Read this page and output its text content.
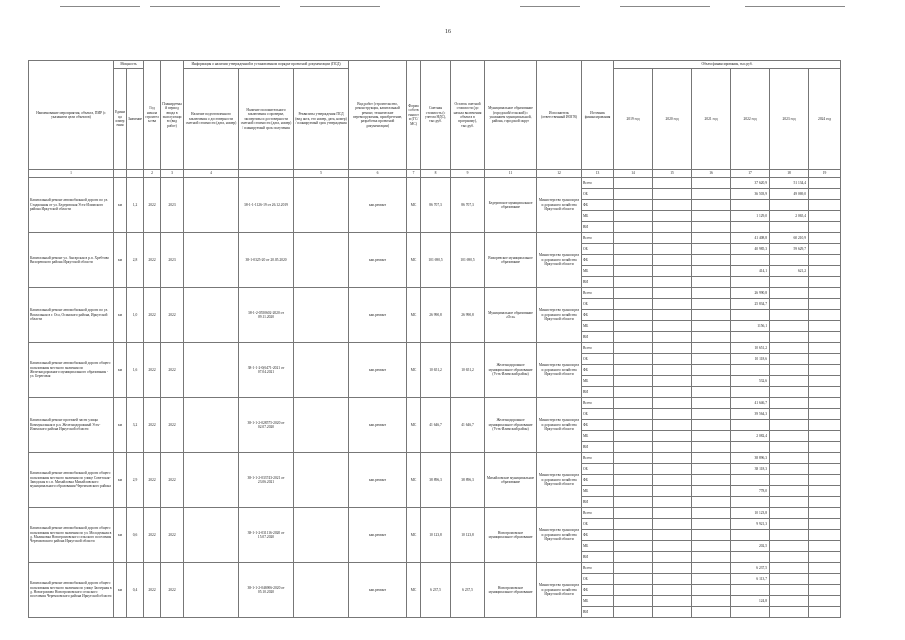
16
Наименование мероприятия, объекта, ПИР (с указанием цели объектов)	Мощность		Год начала строительства	Планируемый период ввода в эксплуатацию (вид работ)	Информация о наличии утвержденной в установленном порядке проектной документации (ПСД)			Вид работ (строительство, реконструкция, капитальный ремонт, технические перевооружения, приобретение, разработка проектной документации)	Форма собственности (ГС/МС)	Сметная стоимость (с учетом НДС), тыс.руб.	Остаток сметной стоимости (до начала включения объекта в программу), тыс.руб.	Муниципальное образование (городской/сельский) с указанием муниципальной, района, городской округ	Исполнитель (ответственный ИОГВ)	Источник финансирования	Объем финансирования, тыс.руб.					
	Единица измерения	Значение			Наличие подготовленного заключения о достоверности сметной стоимости (дата, номер)	Наличие положительного заключения о проверке, экспертизы и достоверности сметной стоимости (дата, номер) / планируемый срок получения	Реквизиты утверждения ПСД (вид акта, его номер, дата, номер) / планируемый срок утверждения								2019 год	2020 год	2021 год	2022 год	2023 год	2024 год

1			2	3	4		5	6	7	8	9	11	12	13	14	15	16	17	18	19
Капитальный ремонт автомобильной дороги по ул. Стадионная от ул. Бедеровская Усть-Илимского района Иркутской области	км	1,2	2022	2023		38-1-1-1126-19 от 26.12.2019		кап.ремонт	МС	86 707,3	86 707,3	Бедеровское муниципальное образование	Министерство транспорта и дорожного хозяйства Иркутской области	Всего				37 620,9	51 134,4	
														ОБ				36 503,9	49 069,0	
														ФБ						
														МБ				1 129,0	2 065,4	
														ВИ						
Капитальный ремонт ул. Ангарская в р.п. Хребтово Вихоревского района Иркутской области	км	2,8	2022	2023		38-1-0325-20 от 20.05.2020		кап.ремонт	МС	101 690,5	101 690,5	Вихоревское муниципальное образование	Министерство транспорта и дорожного хозяйства Иркутской области	Всего				41 408,8	60 210,9	
														ОБ				40 985,3	59 629,7	
														ФБ						
														МБ				414,1	621,2	
														ВИ						
Капитальный ремонт автомобильной дороги по ул. Вокзальная в г. Оса, Осинского района, Иркутской области	км	1,0	2022	2022		38-1-2-0550602-2020 от 09.11.2020		кап.ремонт	МС	26 990,8	26 990,8	Муниципальное образование «Оса»	Министерство транспорта и дорожного хозяйства Иркутской области	Всего				26 990,8		
														ОБ				25 834,7		
														ФБ						
														МБ				1156,1		
														ВИ						
Капитальный ремонт автомобильной дороги общего пользования местного значения по Железнодорожного муниципального образования - ул. Береговая	км	1,6	2022	2022		38-1-1-2-0(6471-2021 от 07.04.2021		кап.ремонт	МС	10 651,2	10 651,2	Железнодорожное муниципальное образование (Усть-Илимский район)	Министерство транспорта и дорожного хозяйства Иркутской области	Всего				10 651,2		
														ОБ				10 118,6		
														ФБ						
														МБ				532,6		
														ВИ						
Капитальный ремонт проезжей части улицы Коммунальная в р.п. Железнодорожный Усть-Илимского района Иркутской области	км	3,2	2022	2022		38-1-1-2-028575-2020 от 02.07.2020		кап.ремонт	МС	41 646,7	41 646,7	Железнодорожное муниципальное образование (Усть-Илимский район)	Министерство транспорта и дорожного хозяйства Иркутской области	Всего				41 646,7		
														ОБ				39 564,3		
														ФБ						
														МБ				2 082,4		
														ВИ						
Капитальный ремонт автомобильной дороги общего пользования местного значения по улице Советская-Заводская в с.п. Михайловка Михайловского муниципального образования Черемховского района	км	2,9	2022	2022		38-1-1-2-033743-2021 от 23.06.2021		кап.ремонт	МС	38 896,3	38 896,3	Михайловское муниципальное образование	Министерство транспорта и дорожного хозяйства Иркутской области	Всего				38 896,3		
														ОБ				38 118,3		
														ФБ						
														МБ				778,0		
														ВИ						
Капитальный ремонт автомобильной дороги общего пользования местного значения по ул. Молодежная в д. Малиновка Новогромовского сельского поселения Черемховского района Иркутской области	км	0,6	2022	2022		38-1-1-2-031116-2020 от 15.07.2020		кап.ремонт	МС	10 123,8	10 123,8	Новогромовское муниципальное образование	Министерство транспорта и дорожного хозяйства Иркутской области	Всего				10 123,8		
														ОБ				9 921,3		
														ФБ						
														МБ				202,5		
														ВИ						
Капитальный ремонт автомобильной дороги общего пользования местного значения по улице Заозерная в д. Новогромово Новогромовского сельского поселения Черемховского района Иркутской области	км	0,4	2022	2022		38-1-1-2-046906-2020 от 05.10.2020		кап.ремонт	МС	6 237,5	6 237,5	Новогромовское муниципальное образование	Министерство транспорта и дорожного хозяйства Иркутской области	Всего				6 237,5		
														ОБ				6 113,7		
														ФБ						
														МБ				124,8		
														ВИ						
